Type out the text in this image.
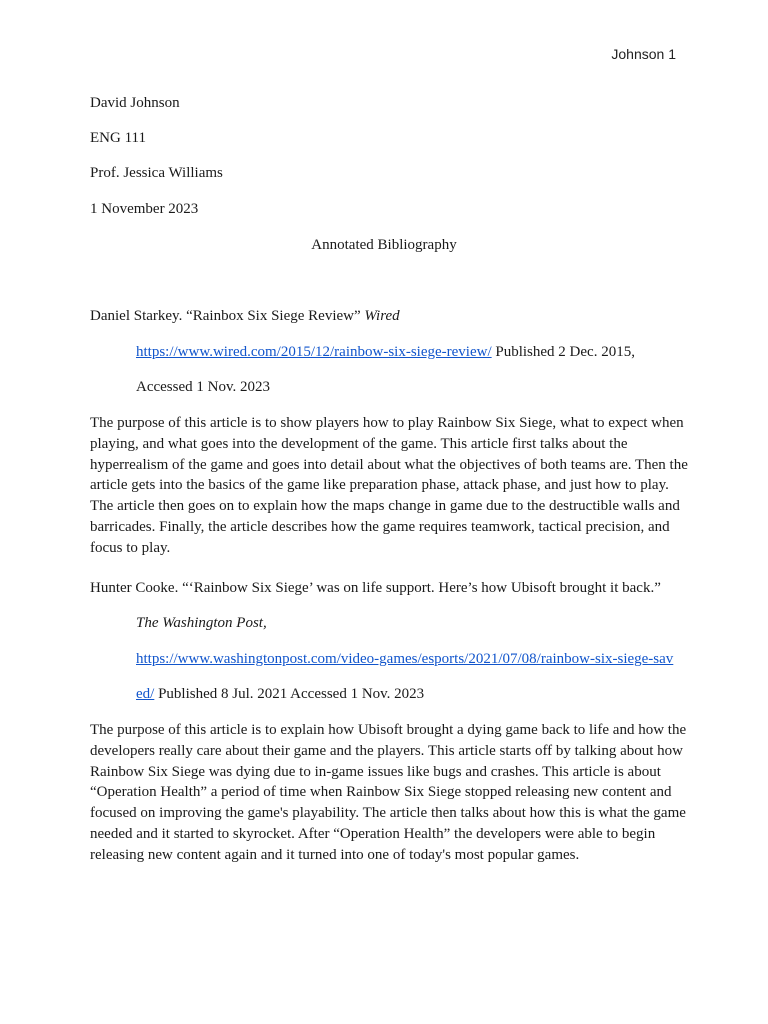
Johnson 1
David Johnson
ENG 111
Prof. Jessica Williams
1 November 2023
Annotated Bibliography
Daniel Starkey. “Rainbox Six Siege Review” Wired
https://www.wired.com/2015/12/rainbow-six-siege-review/ Published 2 Dec. 2015,
Accessed 1 Nov. 2023
The purpose of this article is to show players how to play Rainbow Six Siege, what to expect when playing, and what goes into the development of the game. This article first talks about the hyperrealism of the game and goes into detail about what the objectives of both teams are. Then the article gets into the basics of the game like preparation phase, attack phase, and just how to play. The article then goes on to explain how the maps change in game due to the destructible walls and barricades. Finally, the article describes how the game requires teamwork, tactical precision, and focus to play.
Hunter Cooke. “‘Rainbow Six Siege’ was on life support. Here’s how Ubisoft brought it back.”
The Washington Post,
https://www.washingtonpost.com/video-games/esports/2021/07/08/rainbow-six-siege-sav
ed/ Published 8 Jul. 2021 Accessed 1 Nov. 2023
The purpose of this article is to explain how Ubisoft brought a dying game back to life and how the developers really care about their game and the players. This article starts off by talking about how Rainbow Six Siege was dying due to in-game issues like bugs and crashes. This article is about “Operation Health” a period of time when Rainbow Six Siege stopped releasing new content and focused on improving the game's playability. The article then talks about how this is what the game needed and it started to skyrocket. After “Operation Health” the developers were able to begin releasing new content again and it turned into one of today's most popular games.
